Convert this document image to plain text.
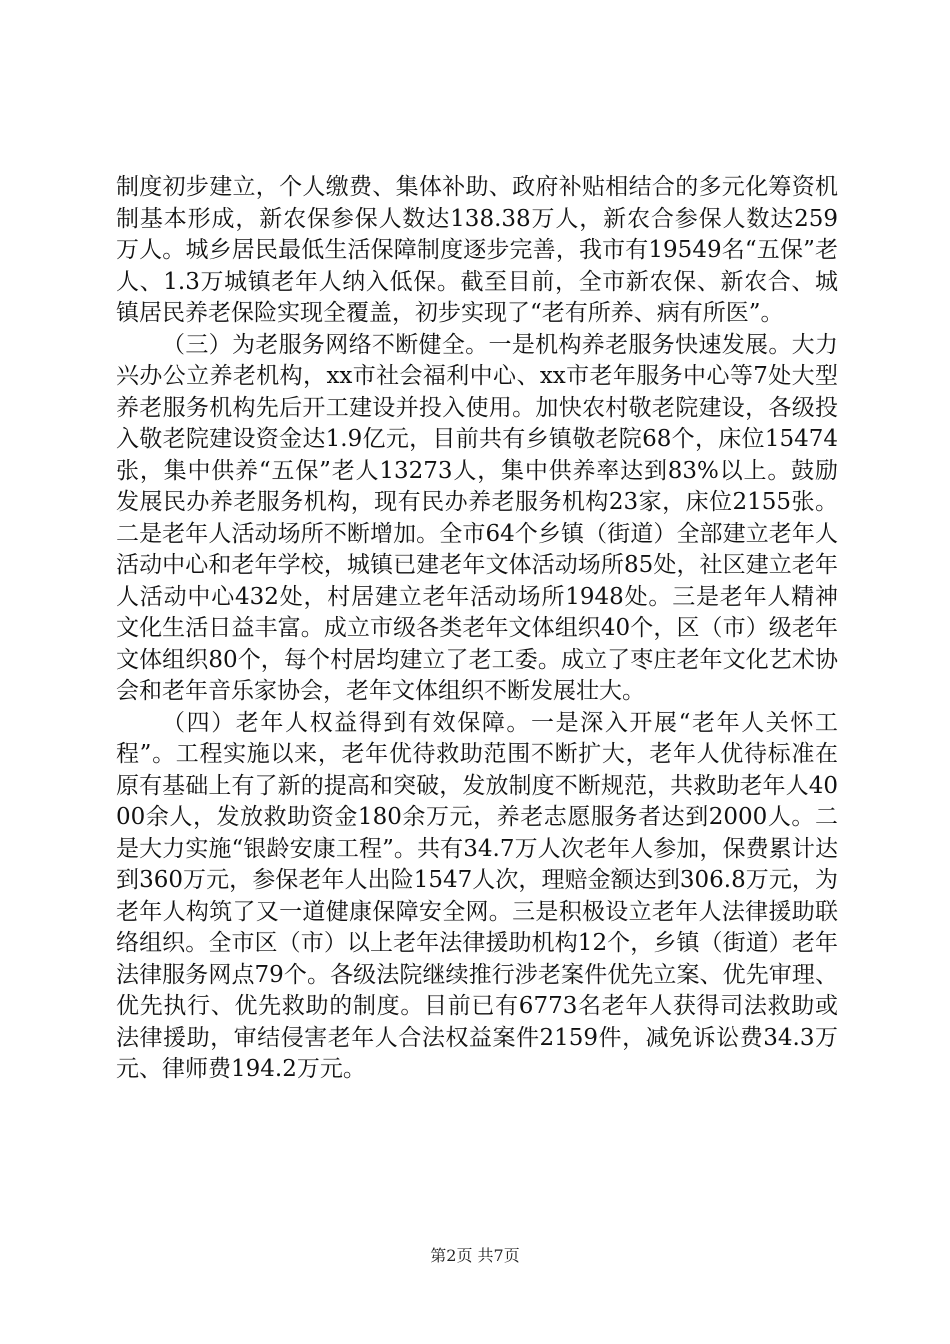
制度初步建立，个人缴费、集体补助、政府补贴相结合的多元化筹资机制基本形成，新农保参保人数达138.38万人，新农合参保人数达259万人。城乡居民最低生活保障制度逐步完善，我市有19549名“五保”老人、1.3万城镇老年人纳入低保。截至目前，全市新农保、新农合、城镇居民养老保险实现全覆盖，初步实现了“老有所养、病有所医”。

（三）为老服务网络不断健全。一是机构养老服务快速发展。大力兴办公立养老机构，xx市社会福利中心、xx市老年服务中心等7处大型养老服务机构先后开工建设并投入使用。加快农村敬老院建设，各级投入敬老院建设资金达1.9亿元，目前共有乡镇敬老院68个，床位15474张，集中供养“五保”老人13273人，集中供养率达到83%以上。鼓励发展民办养老服务机构，现有民办养老服务机构23家，床位2155张。二是老年人活动场所不断增加。全市64个乡镇（街道）全部建立老年人活动中心和老年学校，城镇已建老年文体活动场所85处，社区建立老年人活动中心432处，村居建立老年活动场所1948处。三是老年人精神文化生活日益丰富。成立市级各类老年文体组织40个，区（市）级老年文体组织80个，每个村居均建立了老工委。成立了枣庄老年文化艺术协会和老年音乐家协会，老年文体组织不断发展壮大。

（四）老年人权益得到有效保障。一是深入开展“老年人关怀工程”。工程实施以来，老年优待救助范围不断扩大，老年人优待标准在原有基础上有了新的提高和突破，发放制度不断规范，共救助老年人4000余人，发放救助资金180余万元，养老志愿服务者达到2000人。二是大力实施“银龄安康工程”。共有34.7万人次老年人参加，保费累计达到360万元，参保老年人出险1547人次，理赔金额达到306.8万元，为老年人构筑了又一道健康保障安全网。三是积极设立老年人法律援助联络组织。全市区（市）以上老年法律援助机构12个，乡镇（街道）老年法律服务网点79个。各级法院继续推行涉老案件优先立案、优先审理、优先执行、优先救助的制度。目前已有6773名老年人获得司法救助或法律援助，审结侵害老年人合法权益案件2159件，减免诉讼费34.3万元、律师费194.2万元。

第2页 共7页
